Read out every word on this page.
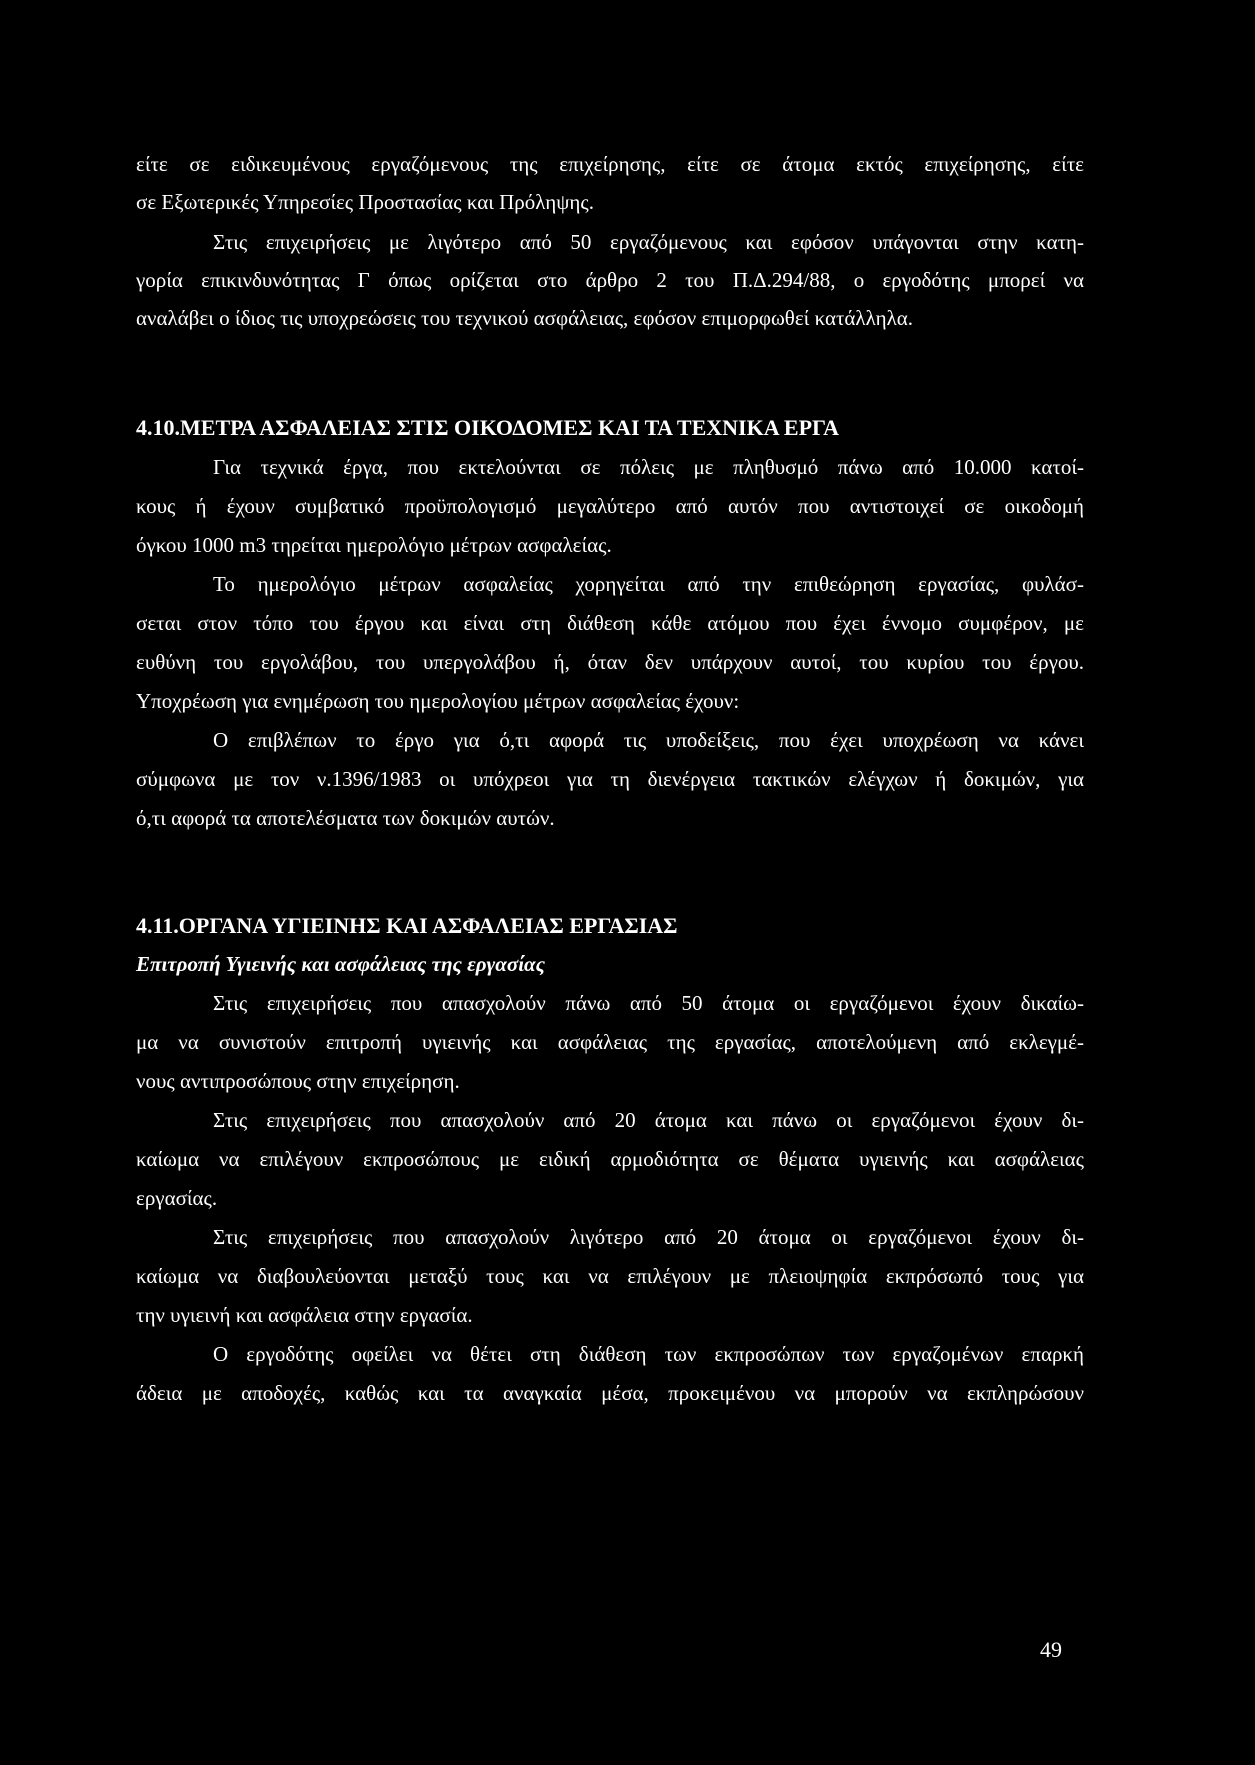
είτε σε ειδικευμένους εργαζόμενους της επιχείρησης, είτε σε άτομα εκτός επιχείρησης, είτε
σε Εξωτερικές Υπηρεσίες Προστασίας και Πρόληψης.
Στις επιχειρήσεις με λιγότερο από 50 εργαζόμενους και εφόσον υπάγονται στην κατη-
γορία επικινδυνότητας Γ όπως ορίζεται στο άρθρο 2 του Π.Δ.294/88, ο εργοδότης μπορεί να
αναλάβει ο ίδιος τις υποχρεώσεις του τεχνικού ασφάλειας, εφόσον επιμορφωθεί κατάλληλα.
4.10.ΜΕΤΡΑ ΑΣΦΑΛΕΙΑΣ ΣΤΙΣ ΟΙΚΟΔΟΜΕΣ ΚΑΙ ΤΑ ΤΕΧΝΙΚΑ ΕΡΓΑ
Για τεχνικά έργα, που εκτελούνται σε πόλεις με πληθυσμό πάνω από 10.000 κατοί-
κους ή έχουν συμβατικό προϋπολογισμό μεγαλύτερο από αυτόν που αντιστοιχεί σε οικοδομή
όγκου 1000 m3 τηρείται ημερολόγιο μέτρων ασφαλείας.
Το ημερολόγιο μέτρων ασφαλείας χορηγείται από την επιθεώρηση εργασίας, φυλάσ-
σεται στον τόπο του έργου και είναι στη διάθεση κάθε ατόμου που έχει έννομο συμφέρον, με
ευθύνη του εργολάβου, του υπεργολάβου ή, όταν δεν υπάρχουν αυτοί, του κυρίου του έργου.
Υποχρέωση για ενημέρωση του ημερολογίου μέτρων ασφαλείας έχουν:
Ο επιβλέπων το έργο για ό,τι αφορά τις υποδείξεις, που έχει υποχρέωση να κάνει
σύμφωνα με τον ν.1396/1983 οι υπόχρεοι για τη διενέργεια τακτικών ελέγχων ή δοκιμών, για
ό,τι αφορά τα αποτελέσματα των δοκιμών αυτών.
4.11.ΟΡΓΑΝΑ ΥΓΙΕΙΝΗΣ ΚΑΙ ΑΣΦΑΛΕΙΑΣ ΕΡΓΑΣΙΑΣ
Επιτροπή Υγιεινής και ασφάλειας της εργασίας
Στις επιχειρήσεις που απασχολούν πάνω από 50 άτομα οι εργαζόμενοι έχουν δικαίω-
μα να συνιστούν επιτροπή υγιεινής και ασφάλειας της εργασίας, αποτελούμενη από εκλεγμέ-
νους αντιπροσώπους στην επιχείρηση.
Στις επιχειρήσεις που απασχολούν από 20 άτομα και πάνω οι εργαζόμενοι έχουν δι-
καίωμα να επιλέγουν εκπροσώπους με ειδική αρμοδιότητα σε θέματα υγιεινής και ασφάλειας
εργασίας.
Στις επιχειρήσεις που απασχολούν λιγότερο από 20 άτομα οι εργαζόμενοι έχουν δι-
καίωμα να διαβουλεύονται μεταξύ τους και να επιλέγουν με πλειοψηφία εκπρόσωπό τους για
την υγιεινή και ασφάλεια στην εργασία.
Ο εργοδότης οφείλει να θέτει στη διάθεση των εκπροσώπων των εργαζομένων επαρκή
άδεια με αποδοχές, καθώς και τα αναγκαία μέσα, προκειμένου να μπορούν να εκπληρώσουν
49
